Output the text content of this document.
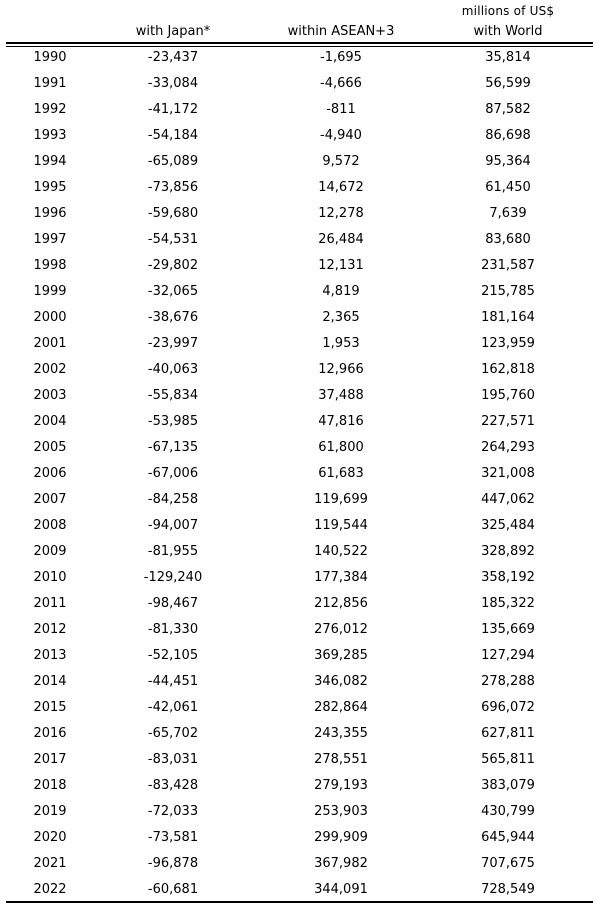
millions of US$
with Japan*	within ASEAN+3	with World
1990	-23,437	-1,695	35,814
1991	-33,084	-4,666	56,599
1992	-41,172	-811	87,582
1993	-54,184	-4,940	86,698
1994	-65,089	9,572	95,364
1995	-73,856	14,672	61,450
1996	-59,680	12,278	7,639
1997	-54,531	26,484	83,680
1998	-29,802	12,131	231,587
1999	-32,065	4,819	215,785
2000	-38,676	2,365	181,164
2001	-23,997	1,953	123,959
2002	-40,063	12,966	162,818
2003	-55,834	37,488	195,760
2004	-53,985	47,816	227,571
2005	-67,135	61,800	264,293
2006	-67,006	61,683	321,008
2007	-84,258	119,699	447,062
2008	-94,007	119,544	325,484
2009	-81,955	140,522	328,892
2010	-129,240	177,384	358,192
2011	-98,467	212,856	185,322
2012	-81,330	276,012	135,669
2013	-52,105	369,285	127,294
2014	-44,451	346,082	278,288
2015	-42,061	282,864	696,072
2016	-65,702	243,355	627,811
2017	-83,031	278,551	565,811
2018	-83,428	279,193	383,079
2019	-72,033	253,903	430,799
2020	-73,581	299,909	645,944
2021	-96,878	367,982	707,675
2022	-60,681	344,091	728,549
